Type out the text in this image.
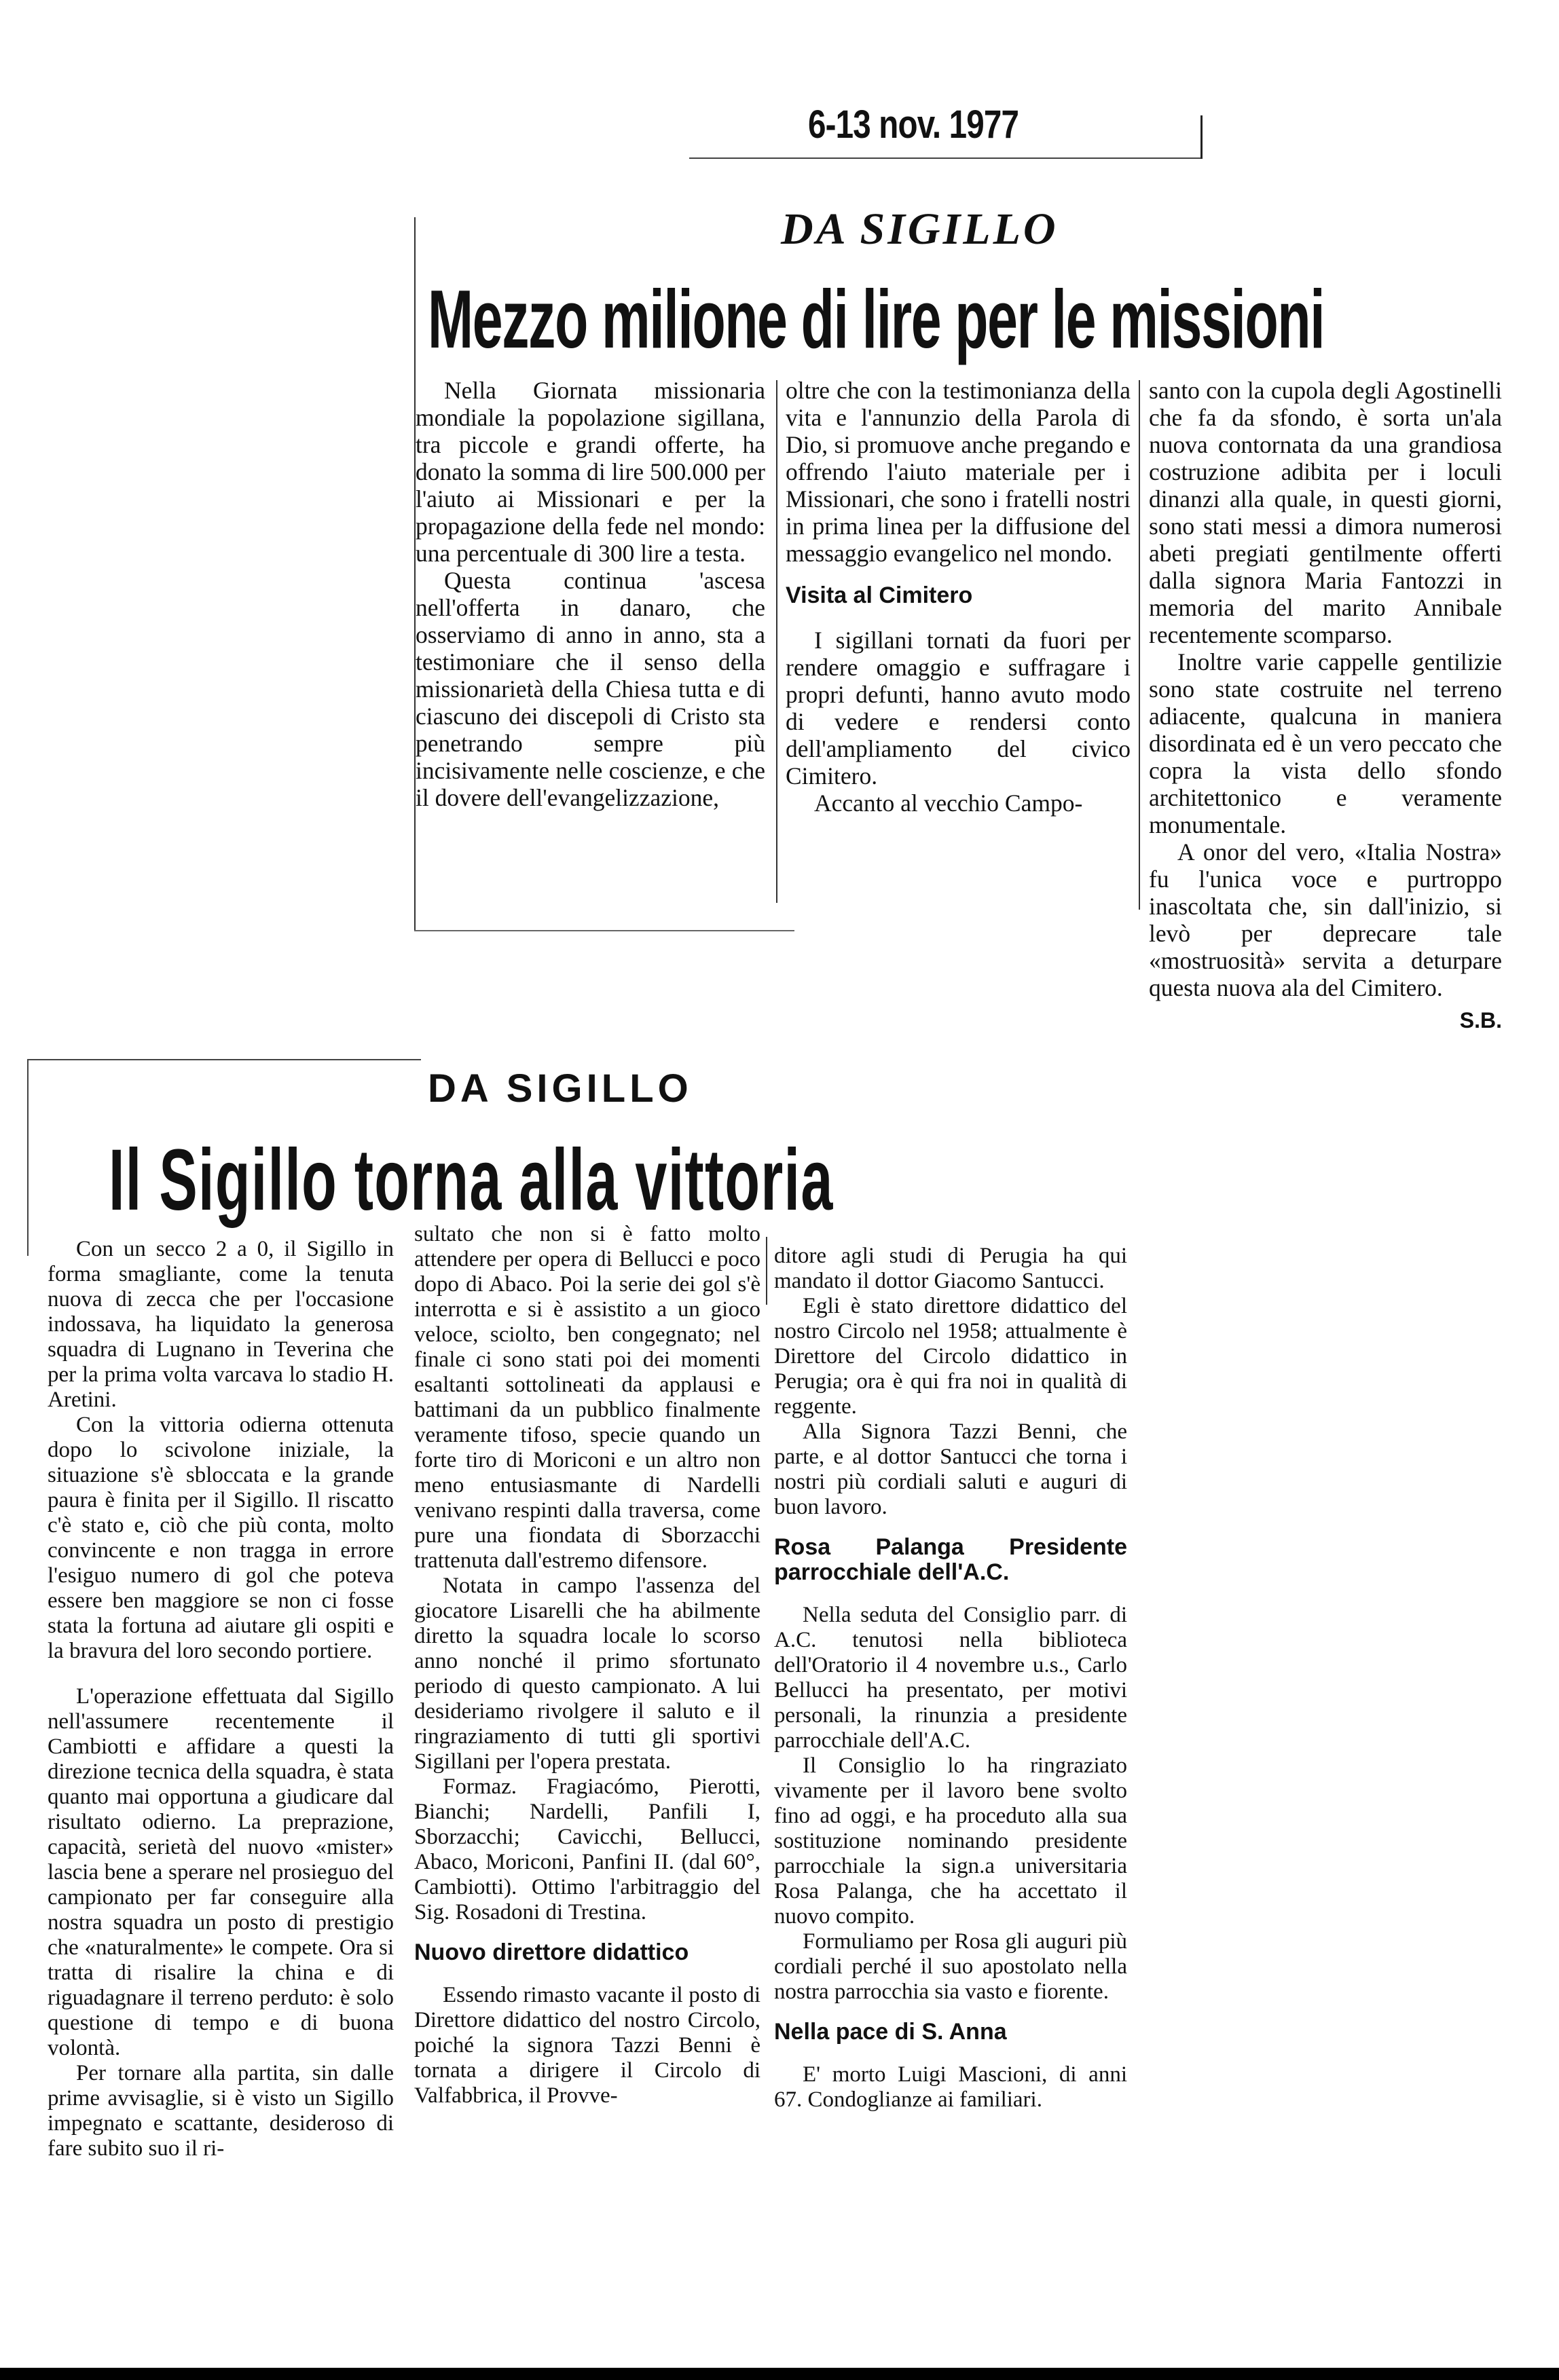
6-13 nov. 1977
DA SIGILLO
Mezzo milione di lire per le missioni

Nella Giornata missionaria mondiale la popolazione sigillana, tra piccole e grandi offerte, ha donato la somma di lire 500.000 per l'aiuto ai Missionari e per la propagazione della fede nel mondo: una percentuale di 300 lire a testa.

Questa continua 'ascesa nell'offerta in danaro, che osserviamo di anno in anno, sta a testimoniare che il senso della missionarietà della Chiesa tutta e di ciascuno dei discepoli di Cristo sta penetrando sempre più incisivamente nelle coscienze, e che il dovere dell'evangelizzazione,

oltre che con la testimonianza della vita e l'annunzio della Parola di Dio, si promuove anche pregando e offrendo l'aiuto materiale per i Missionari, che sono i fratelli nostri in prima linea per la diffusione del messaggio evangelico nel mondo.

Visita al Cimitero

I sigillani tornati da fuori per rendere omaggio e suffragare i propri defunti, hanno avuto modo di vedere e rendersi conto dell'ampliamento del civico Cimitero.

Accanto al vecchio Campo-

santo con la cupola degli Agostinelli che fa da sfondo, è sorta un'ala nuova contornata da una grandiosa costruzione adibita per i loculi dinanzi alla quale, in questi giorni, sono stati messi a dimora numerosi abeti pregiati gentilmente offerti dalla signora Maria Fantozzi in memoria del marito Annibale recentemente scomparso.

Inoltre varie cappelle gentilizie sono state costruite nel terreno adiacente, qualcuna in maniera disordinata ed è un vero peccato che copra la vista dello sfondo architettonico e veramente monumentale.

A onor del vero, «Italia Nostra» fu l'unica voce e purtroppo inascoltata che, sin dall'inizio, si levò per deprecare tale «mostruosità» servita a deturpare questa nuova ala del Cimitero.

S.B.
DA SIGILLO
Il Sigillo torna alla vittoria

Con un secco 2 a 0, il Sigillo in forma smagliante, come la tenuta nuova di zecca che per l'occasione indossava, ha liquidato la generosa squadra di Lugnano in Teverina che per la prima volta varcava lo stadio H. Aretini.

Con la vittoria odierna ottenuta dopo lo scivolone iniziale, la situazione s'è sbloccata e la grande paura è finita per il Sigillo. Il riscatto c'è stato e, ciò che più conta, molto convincente e non tragga in errore l'esiguo numero di gol che poteva essere ben maggiore se non ci fosse stata la fortuna ad aiutare gli ospiti e la bravura del loro secondo portiere.

L'operazione effettuata dal Sigillo nell'assumere recentemente il Cambiotti e affidare a questi la direzione tecnica della squadra, è stata quanto mai opportuna a giudicare dal risultato odierno. La preprazione, capacità, serietà del nuovo «mister» lascia bene a sperare nel prosieguo del campionato per far conseguire alla nostra squadra un posto di prestigio che «naturalmente» le compete. Ora si tratta di risalire la china e di riguadagnare il terreno perduto: è solo questione di tempo e di buona volontà.

Per tornare alla partita, sin dalle prime avvisaglie, si è visto un Sigillo impegnato e scattante, desideroso di fare subito suo il ri-

sultato che non si è fatto molto attendere per opera di Bellucci e poco dopo di Abaco. Poi la serie dei gol s'è interrotta e si è assistito a un gioco veloce, sciolto, ben congegnato; nel finale ci sono stati poi dei momenti esaltanti sottolineati da applausi e battimani da un pubblico finalmente veramente tifoso, specie quando un forte tiro di Moriconi e un altro non meno entusiasmante di Nardelli venivano respinti dalla traversa, come pure una fiondata di Sborzacchi trattenuta dall'estremo difensore.

Notata in campo l'assenza del giocatore Lisarelli che ha abilmente diretto la squadra locale lo scorso anno nonché il primo sfortunato periodo di questo campionato. A lui desideriamo rivolgere il saluto e il ringraziamento di tutti gli sportivi Sigillani per l'opera prestata.

Formaz. Fragiacómo, Pierotti, Bianchi; Nardelli, Panfili I, Sborzacchi; Cavicchi, Bellucci, Abaco, Moriconi, Panfini II. (dal 60°, Cambiotti). Ottimo l'arbitraggio del Sig. Rosadoni di Trestina.

Nuovo direttore didattico

Essendo rimasto vacante il posto di Direttore didattico del nostro Circolo, poiché la signora Tazzi Benni è tornata a dirigere il Circolo di Valfabbrica, il Provve-

ditore agli studi di Perugia ha qui mandato il dottor Giacomo Santucci.

Egli è stato direttore didattico del nostro Circolo nel 1958; attualmente è Direttore del Circolo didattico in Perugia; ora è qui fra noi in qualità di reggente.

Alla Signora Tazzi Benni, che parte, e al dottor Santucci che torna i nostri più cordiali saluti e auguri di buon lavoro.

Rosa Palanga Presidente parrocchiale dell'A.C.

Nella seduta del Consiglio parr. di A.C. tenutosi nella biblioteca dell'Oratorio il 4 novembre u.s., Carlo Bellucci ha presentato, per motivi personali, la rinunzia a presidente parrocchiale dell'A.C.

Il Consiglio lo ha ringraziato vivamente per il lavoro bene svolto fino ad oggi, e ha proceduto alla sua sostituzione nominando presidente parrocchiale la sign.a universitaria Rosa Palanga, che ha accettato il nuovo compito.

Formuliamo per Rosa gli auguri più cordiali perché il suo apostolato nella nostra parrocchia sia vasto e fiorente.

Nella pace di S. Anna

E' morto Luigi Mascioni, di anni 67. Condoglianze ai familiari.
